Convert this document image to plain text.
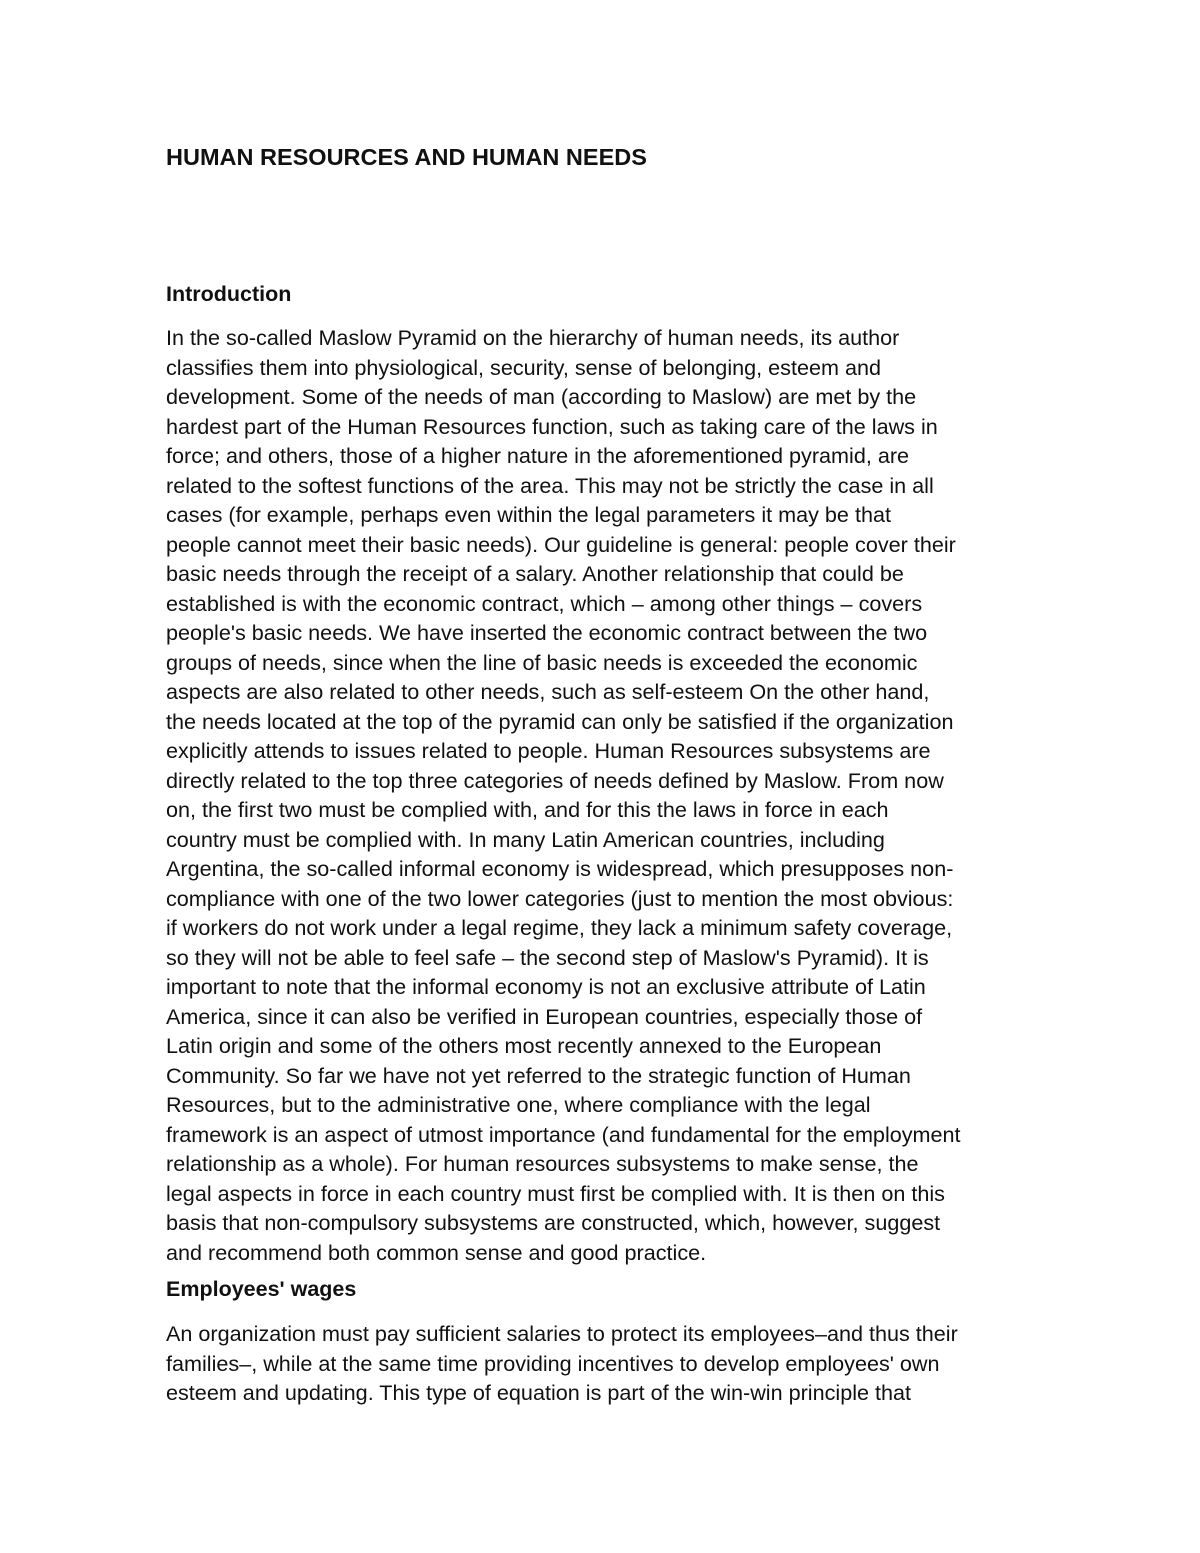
HUMAN RESOURCES AND HUMAN NEEDS
Introduction
In the so-called Maslow Pyramid on the hierarchy of human needs, its author
classifies them into physiological, security, sense of belonging, esteem and
development. Some of the needs of man (according to Maslow) are met by the
hardest part of the Human Resources function, such as taking care of the laws in
force; and others, those of a higher nature in the aforementioned pyramid, are
related to the softest functions of the area. This may not be strictly the case in all
cases (for example, perhaps even within the legal parameters it may be that
people cannot meet their basic needs). Our guideline is general: people cover their
basic needs through the receipt of a salary. Another relationship that could be
established is with the economic contract, which – among other things – covers
people's basic needs. We have inserted the economic contract between the two
groups of needs, since when the line of basic needs is exceeded the economic
aspects are also related to other needs, such as self-esteem On the other hand,
the needs located at the top of the pyramid can only be satisfied if the organization
explicitly attends to issues related to people. Human Resources subsystems are
directly related to the top three categories of needs defined by Maslow. From now
on, the first two must be complied with, and for this the laws in force in each
country must be complied with. In many Latin American countries, including
Argentina, the so-called informal economy is widespread, which presupposes non-
compliance with one of the two lower categories (just to mention the most obvious:
if workers do not work under a legal regime, they lack a minimum safety coverage,
so they will not be able to feel safe – the second step of Maslow's Pyramid). It is
important to note that the informal economy is not an exclusive attribute of Latin
America, since it can also be verified in European countries, especially those of
Latin origin and some of the others most recently annexed to the European
Community. So far we have not yet referred to the strategic function of Human
Resources, but to the administrative one, where compliance with the legal
framework is an aspect of utmost importance (and fundamental for the employment
relationship as a whole). For human resources subsystems to make sense, the
legal aspects in force in each country must first be complied with. It is then on this
basis that non-compulsory subsystems are constructed, which, however, suggest
and recommend both common sense and good practice.
Employees' wages
An organization must pay sufficient salaries to protect its employees–and thus their
families–, while at the same time providing incentives to develop employees' own
esteem and updating. This type of equation is part of the win-win principle that
